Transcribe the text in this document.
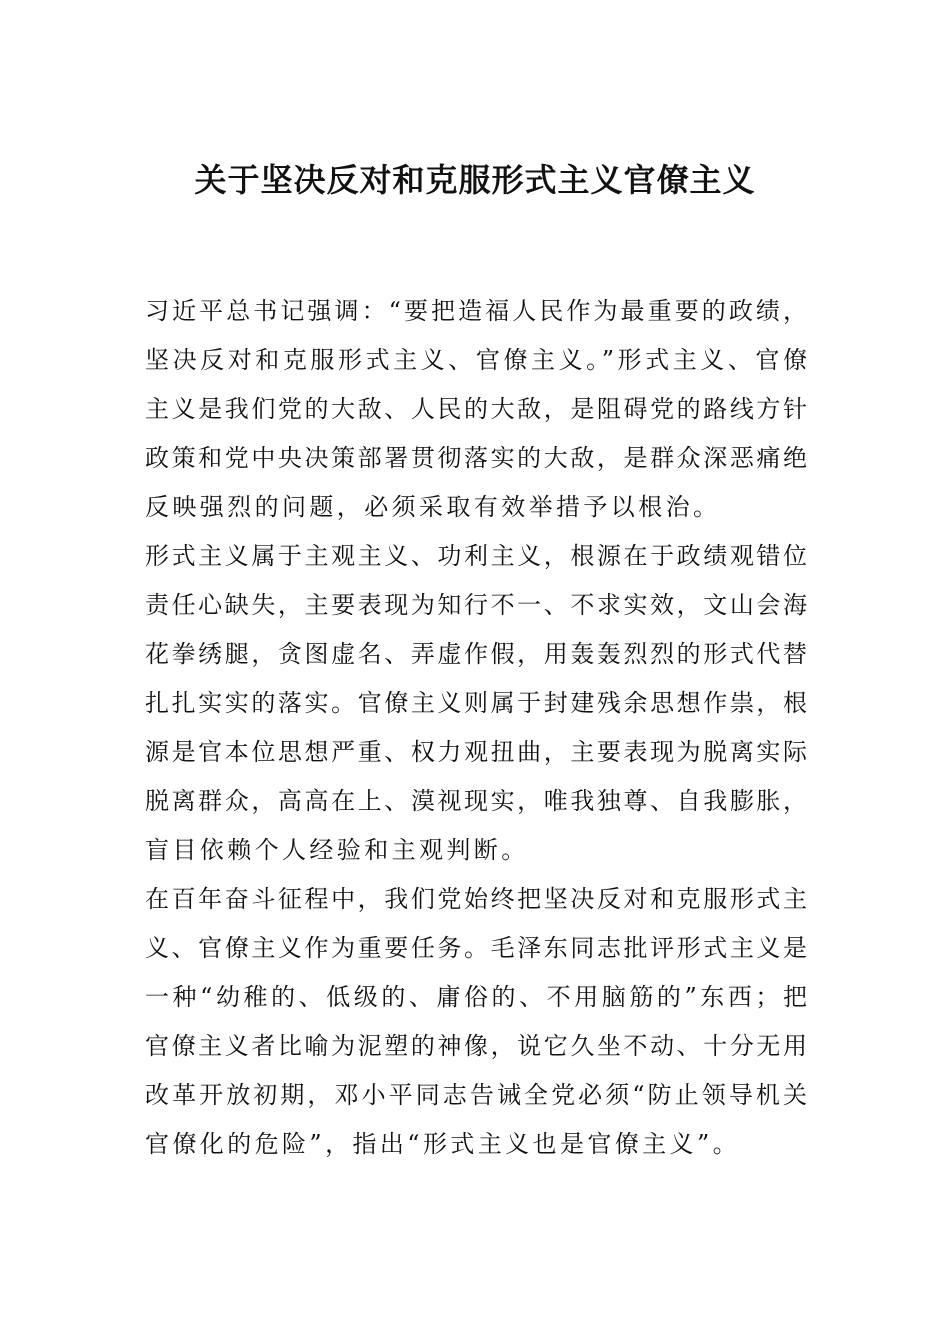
关于坚决反对和克服形式主义官僚主义
习近平总书记强调：“要把造福人民作为最重要的政绩，
坚决反对和克服形式主义、官僚主义。”形式主义、官僚
主义是我们党的大敌、人民的大敌，是阻碍党的路线方针
政策和党中央决策部署贯彻落实的大敌，是群众深恶痛绝
反映强烈的问题，必须采取有效举措予以根治。
形式主义属于主观主义、功利主义，根源在于政绩观错位
责任心缺失，主要表现为知行不一、不求实效，文山会海
花拳绣腿，贪图虚名、弄虚作假，用轰轰烈烈的形式代替
扎扎实实的落实。官僚主义则属于封建残余思想作祟，根
源是官本位思想严重、权力观扭曲，主要表现为脱离实际
脱离群众，高高在上、漠视现实，唯我独尊、自我膨胀，
盲目依赖个人经验和主观判断。
在百年奋斗征程中，我们党始终把坚决反对和克服形式主
义、官僚主义作为重要任务。毛泽东同志批评形式主义是
一种“幼稚的、低级的、庸俗的、不用脑筋的”东西；把
官僚主义者比喻为泥塑的神像，说它久坐不动、十分无用
改革开放初期，邓小平同志告诫全党必须“防止领导机关
官僚化的危险”，指出“形式主义也是官僚主义”。
